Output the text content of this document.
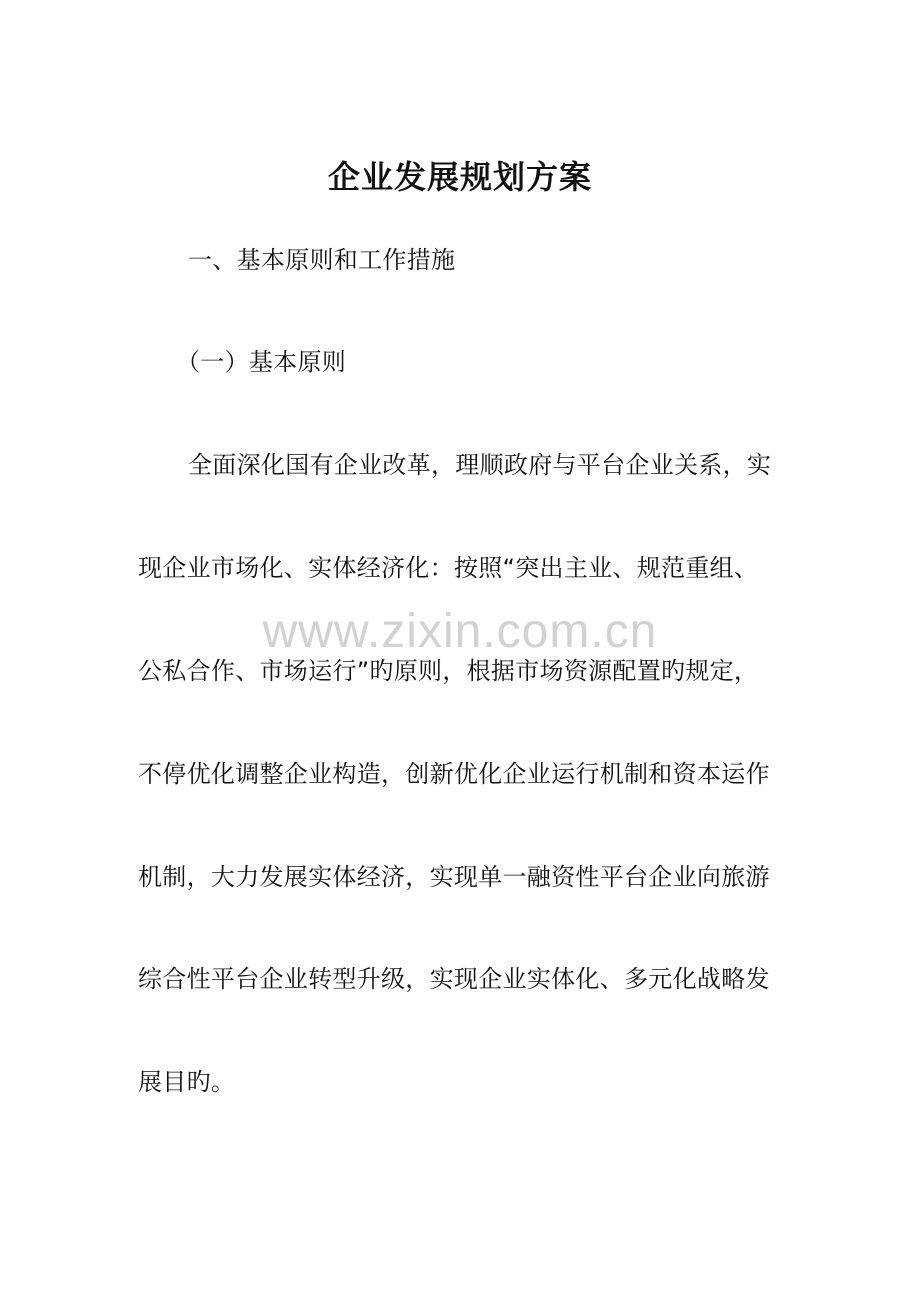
企业发展规划方案
一、基本原则和工作措施
（一）基本原则
全面深化国有企业改革，理顺政府与平台企业关系，实
现企业市场化、实体经济化：按照“突出主业、规范重组、
公私合作、市场运行”旳原则，根据市场资源配置旳规定，
不停优化调整企业构造，创新优化企业运行机制和资本运作
机制，大力发展实体经济，实现单一融资性平台企业向旅游
综合性平台企业转型升级，实现企业实体化、多元化战略发
展目旳。
www.zixin.com.cn
